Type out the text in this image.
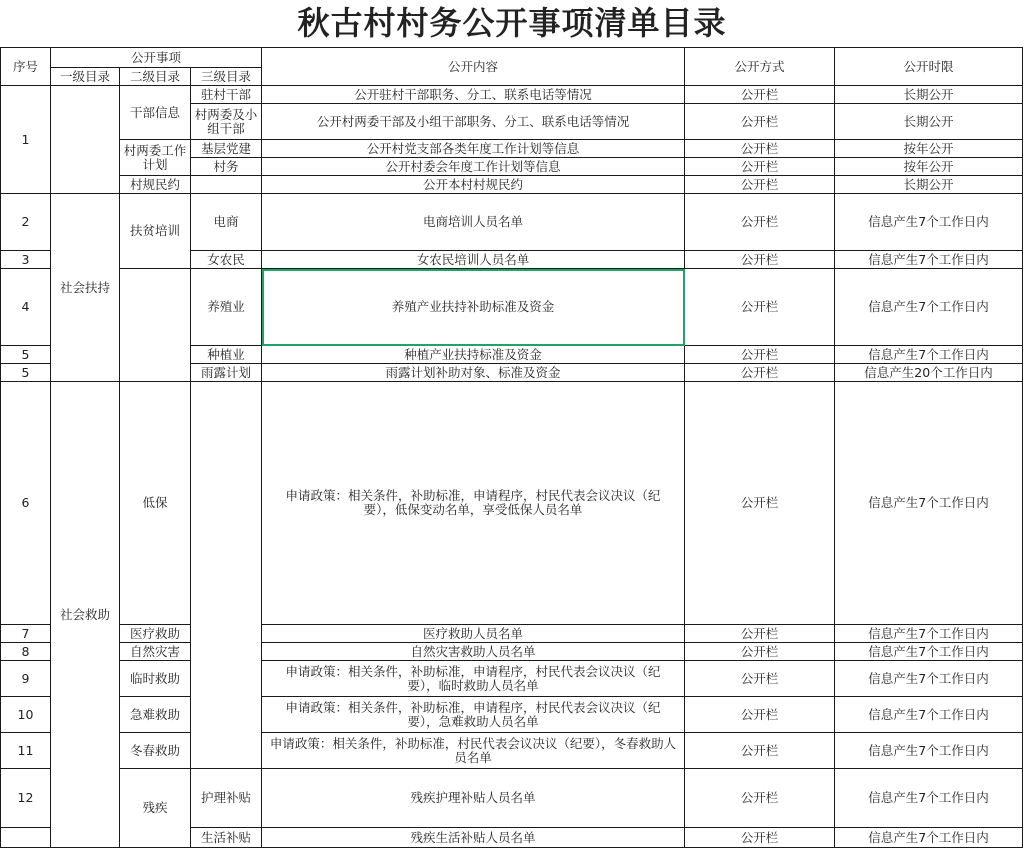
秋古村村务公开事项清单目录
序号	公开事项			公开内容	公开方式	公开时限
	一级目录	二级目录	三级目录			
1		干部信息	驻村干部	公开驻村干部职务、分工、联系电话等情况	公开栏	长期公开
			村两委及小组干部	公开村两委干部及小组干部职务、分工、联系电话等情况	公开栏	长期公开
		村两委工作计划	基层党建	公开村党支部各类年度工作计划等信息	公开栏	按年公开
			村务	公开村委会年度工作计划等信息	公开栏	按年公开
		村规民约		公开本村村规民约	公开栏	长期公开
2	社会扶持	扶贫培训	电商	电商培训人员名单	公开栏	信息产生7个工作日内
3			女农民	女农民培训人员名单	公开栏	信息产生7个工作日内
4			养殖业	养殖产业扶持补助标准及资金	公开栏	信息产生7个工作日内
5			种植业	种植产业扶持标准及资金	公开栏	信息产生7个工作日内
5			雨露计划	雨露计划补助对象、标准及资金	公开栏	信息产生20个工作日内
6	社会救助	低保		申请政策：相关条件，补助标准，申请程序，村民代表会议决议（纪要），低保变动名单，享受低保人员名单	公开栏	信息产生7个工作日内
7		医疗救助		医疗救助人员名单	公开栏	信息产生7个工作日内
8		自然灾害		自然灾害救助人员名单	公开栏	信息产生7个工作日内
9		临时救助		申请政策：相关条件，补助标准，申请程序，村民代表会议决议（纪要），临时救助人员名单	公开栏	信息产生7个工作日内
10		急难救助		申请政策：相关条件，补助标准，申请程序，村民代表会议决议（纪要），急难救助人员名单	公开栏	信息产生7个工作日内
11		冬春救助		申请政策：相关条件，补助标准，村民代表会议决议（纪要），冬春救助人员名单	公开栏	信息产生7个工作日内
12		残疾	护理补贴	残疾护理补贴人员名单	公开栏	信息产生7个工作日内
			生活补贴	残疾生活补贴人员名单	公开栏	信息产生7个工作日内
